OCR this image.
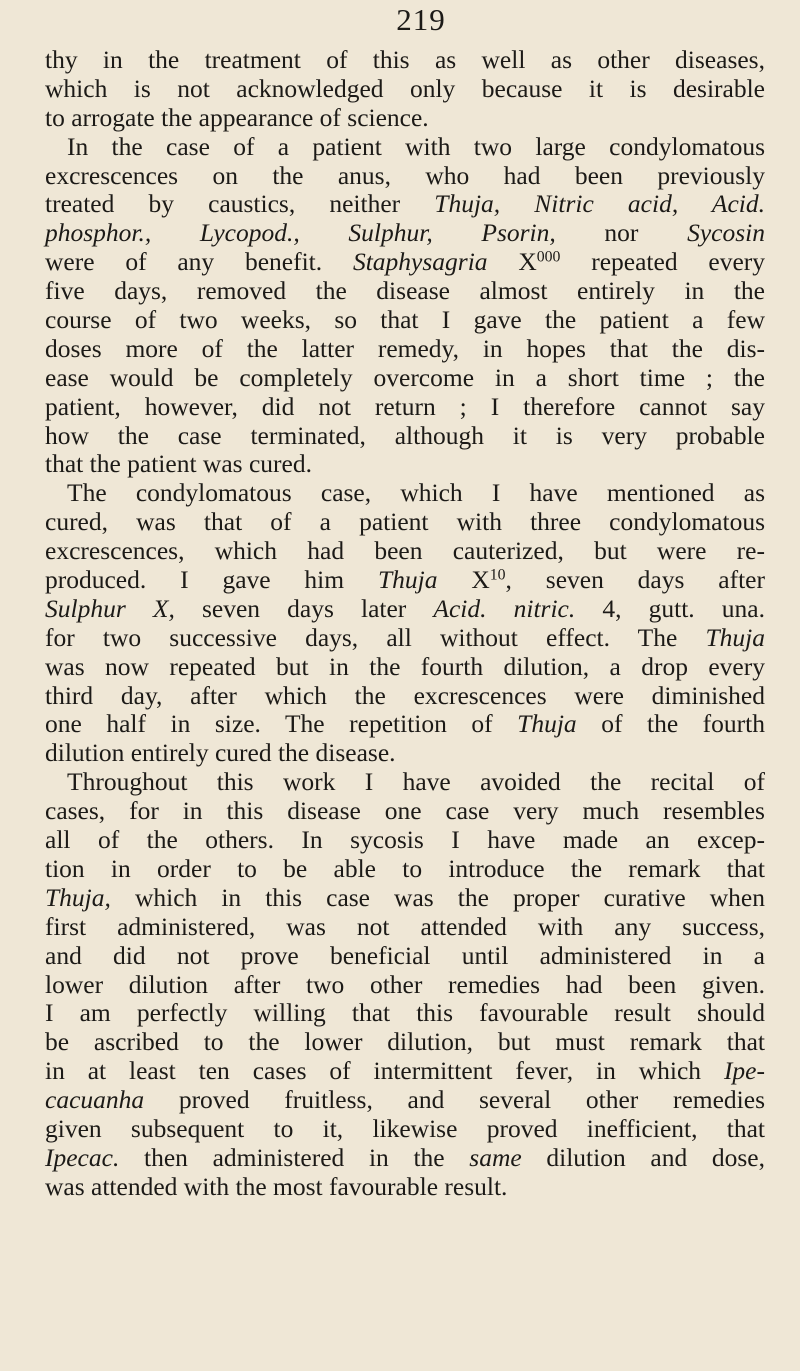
219
thy in the treatment of this as well as other diseases,
which is not acknowledged only because it is desirable
to arrogate the appearance of science.
In the case of a patient with two large condylomatous
excrescences on the anus, who had been previously
treated by caustics, neither Thuja, Nitric acid, Acid.
phosphor., Lycopod., Sulphur, Psorin, nor Sycosin
were of any benefit. Staphysagria $X^{000}$ repeated every
five days, removed the disease almost entirely in the
course of two weeks, so that I gave the patient a few
doses more of the latter remedy, in hopes that the dis-
ease would be completely overcome in a short time ; the
patient, however, did not return ; I therefore cannot say
how the case terminated, although it is very probable
that the patient was cured.
The condylomatous case, which I have mentioned as
cured, was that of a patient with three condylomatous
excrescences, which had been cauterized, but were re-
produced. I gave him Thuja $X^{10}$, seven days after
Sulphur X, seven days later Acid. nitric. 4, gutt. una.
for two successive days, all without effect. The Thuja
was now repeated but in the fourth dilution, a drop every
third day, after which the excrescences were diminished
one half in size. The repetition of Thuja of the fourth
dilution entirely cured the disease.
Throughout this work I have avoided the recital of
cases, for in this disease one case very much resembles
all of the others. In sycosis I have made an excep-
tion in order to be able to introduce the remark that
Thuja, which in this case was the proper curative when
first administered, was not attended with any success,
and did not prove beneficial until administered in a
lower dilution after two other remedies had been given.
I am perfectly willing that this favourable result should
be ascribed to the lower dilution, but must remark that
in at least ten cases of intermittent fever, in which Ipe-
cacuanha proved fruitless, and several other remedies
given subsequent to it, likewise proved inefficient, that
Ipecac. then administered in the same dilution and dose,
was attended with the most favourable result.
